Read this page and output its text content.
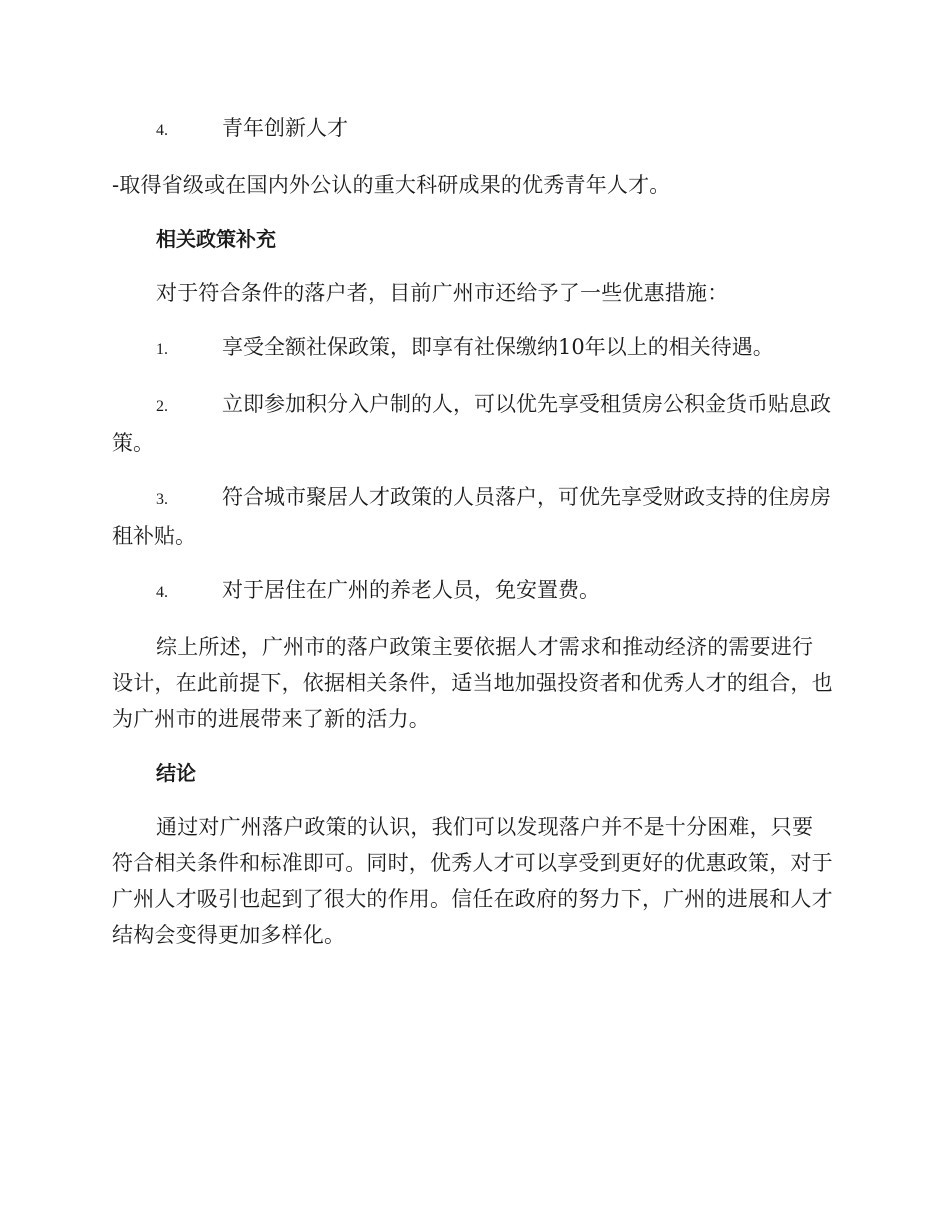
4.	青年创新人才

-取得省级或在国内外公认的重大科研成果的优秀青年人才。

相关政策补充

对于符合条件的落户者，目前广州市还给予了一些优惠措施：

1.	享受全额社保政策，即享有社保缴纳10年以上的相关待遇。

2.	立即参加积分入户制的人，可以优先享受租赁房公积金货币贴息政策。

3.	符合城市聚居人才政策的人员落户，可优先享受财政支持的住房房租补贴。

4.	对于居住在广州的养老人员，免安置费。

综上所述，广州市的落户政策主要依据人才需求和推动经济的需要进行设计，在此前提下，依据相关条件，适当地加强投资者和优秀人才的组合，也为广州市的进展带来了新的活力。

结论

通过对广州落户政策的认识，我们可以发现落户并不是十分困难，只要符合相关条件和标准即可。同时，优秀人才可以享受到更好的优惠政策，对于广州人才吸引也起到了很大的作用。信任在政府的努力下，广州的进展和人才结构会变得更加多样化。
